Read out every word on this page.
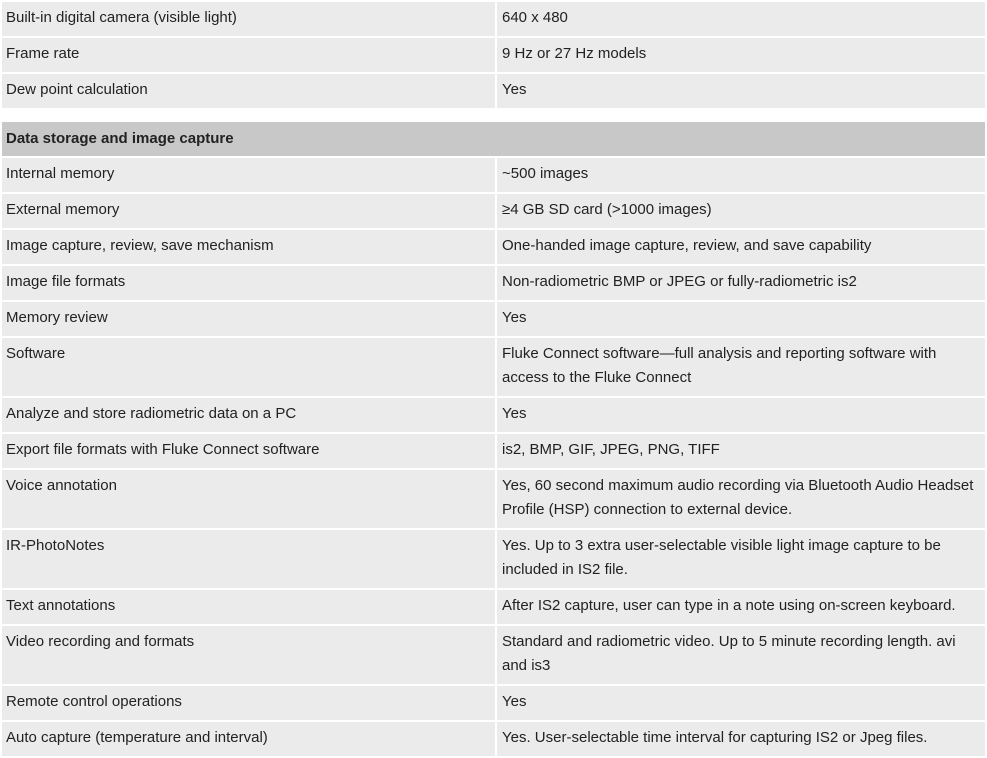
Built-in digital camera (visible light)	640 x 480
Frame rate	9 Hz or 27 Hz models
Dew point calculation	Yes

Data storage and image capture	
Internal memory	~500 images
External memory	≥4 GB SD card (>1000 images)
Image capture, review, save mechanism	One-handed image capture, review, and save capability
Image file formats	Non-radiometric BMP or JPEG or fully-radiometric is2
Memory review	Yes
Software	Fluke Connect software—full analysis and reporting software with access to the Fluke Connect
Analyze and store radiometric data on a PC	Yes
Export file formats with Fluke Connect software	is2, BMP, GIF, JPEG, PNG, TIFF
Voice annotation	Yes, 60 second maximum audio recording via Bluetooth Audio Headset Profile (HSP) connection to external device.
IR-PhotoNotes	Yes. Up to 3 extra user-selectable visible light image capture to be included in IS2 file.
Text annotations	After IS2 capture, user can type in a note using on-screen keyboard.
Video recording and formats	Standard and radiometric video. Up to 5 minute recording length. avi and is3
Remote control operations	Yes
Auto capture (temperature and interval)	Yes. User-selectable time interval for capturing IS2 or Jpeg files.
